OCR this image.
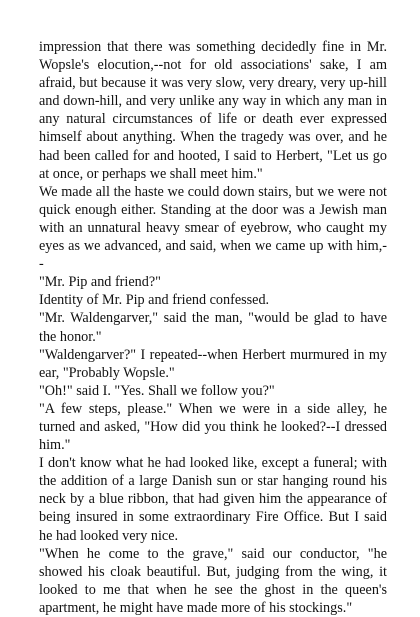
impression that there was something decidedly fine in Mr. Wopsle's elocution,--not for old associations' sake, I am afraid, but because it was very slow, very dreary, very up-hill and down-hill, and very unlike any way in which any man in any natural circumstances of life or death ever expressed himself about anything. When the tragedy was over, and he had been called for and hooted, I said to Herbert, "Let us go at once, or perhaps we shall meet him."

We made all the haste we could down stairs, but we were not quick enough either. Standing at the door was a Jewish man with an unnatural heavy smear of eyebrow, who caught my eyes as we advanced, and said, when we came up with him,--

"Mr. Pip and friend?"

Identity of Mr. Pip and friend confessed.

"Mr. Waldengarver," said the man, "would be glad to have the honor."

"Waldengarver?" I repeated--when Herbert murmured in my ear, "Probably Wopsle."

"Oh!" said I. "Yes. Shall we follow you?"

"A few steps, please." When we were in a side alley, he turned and asked, "How did you think he looked?--I dressed him."

I don't know what he had looked like, except a funeral; with the addition of a large Danish sun or star hanging round his neck by a blue ribbon, that had given him the appearance of being insured in some extraordinary Fire Office. But I said he had looked very nice.

"When he come to the grave," said our conductor, "he showed his cloak beautiful. But, judging from the wing, it looked to me that when he see the ghost in the queen's apartment, he might have made more of his stockings."
